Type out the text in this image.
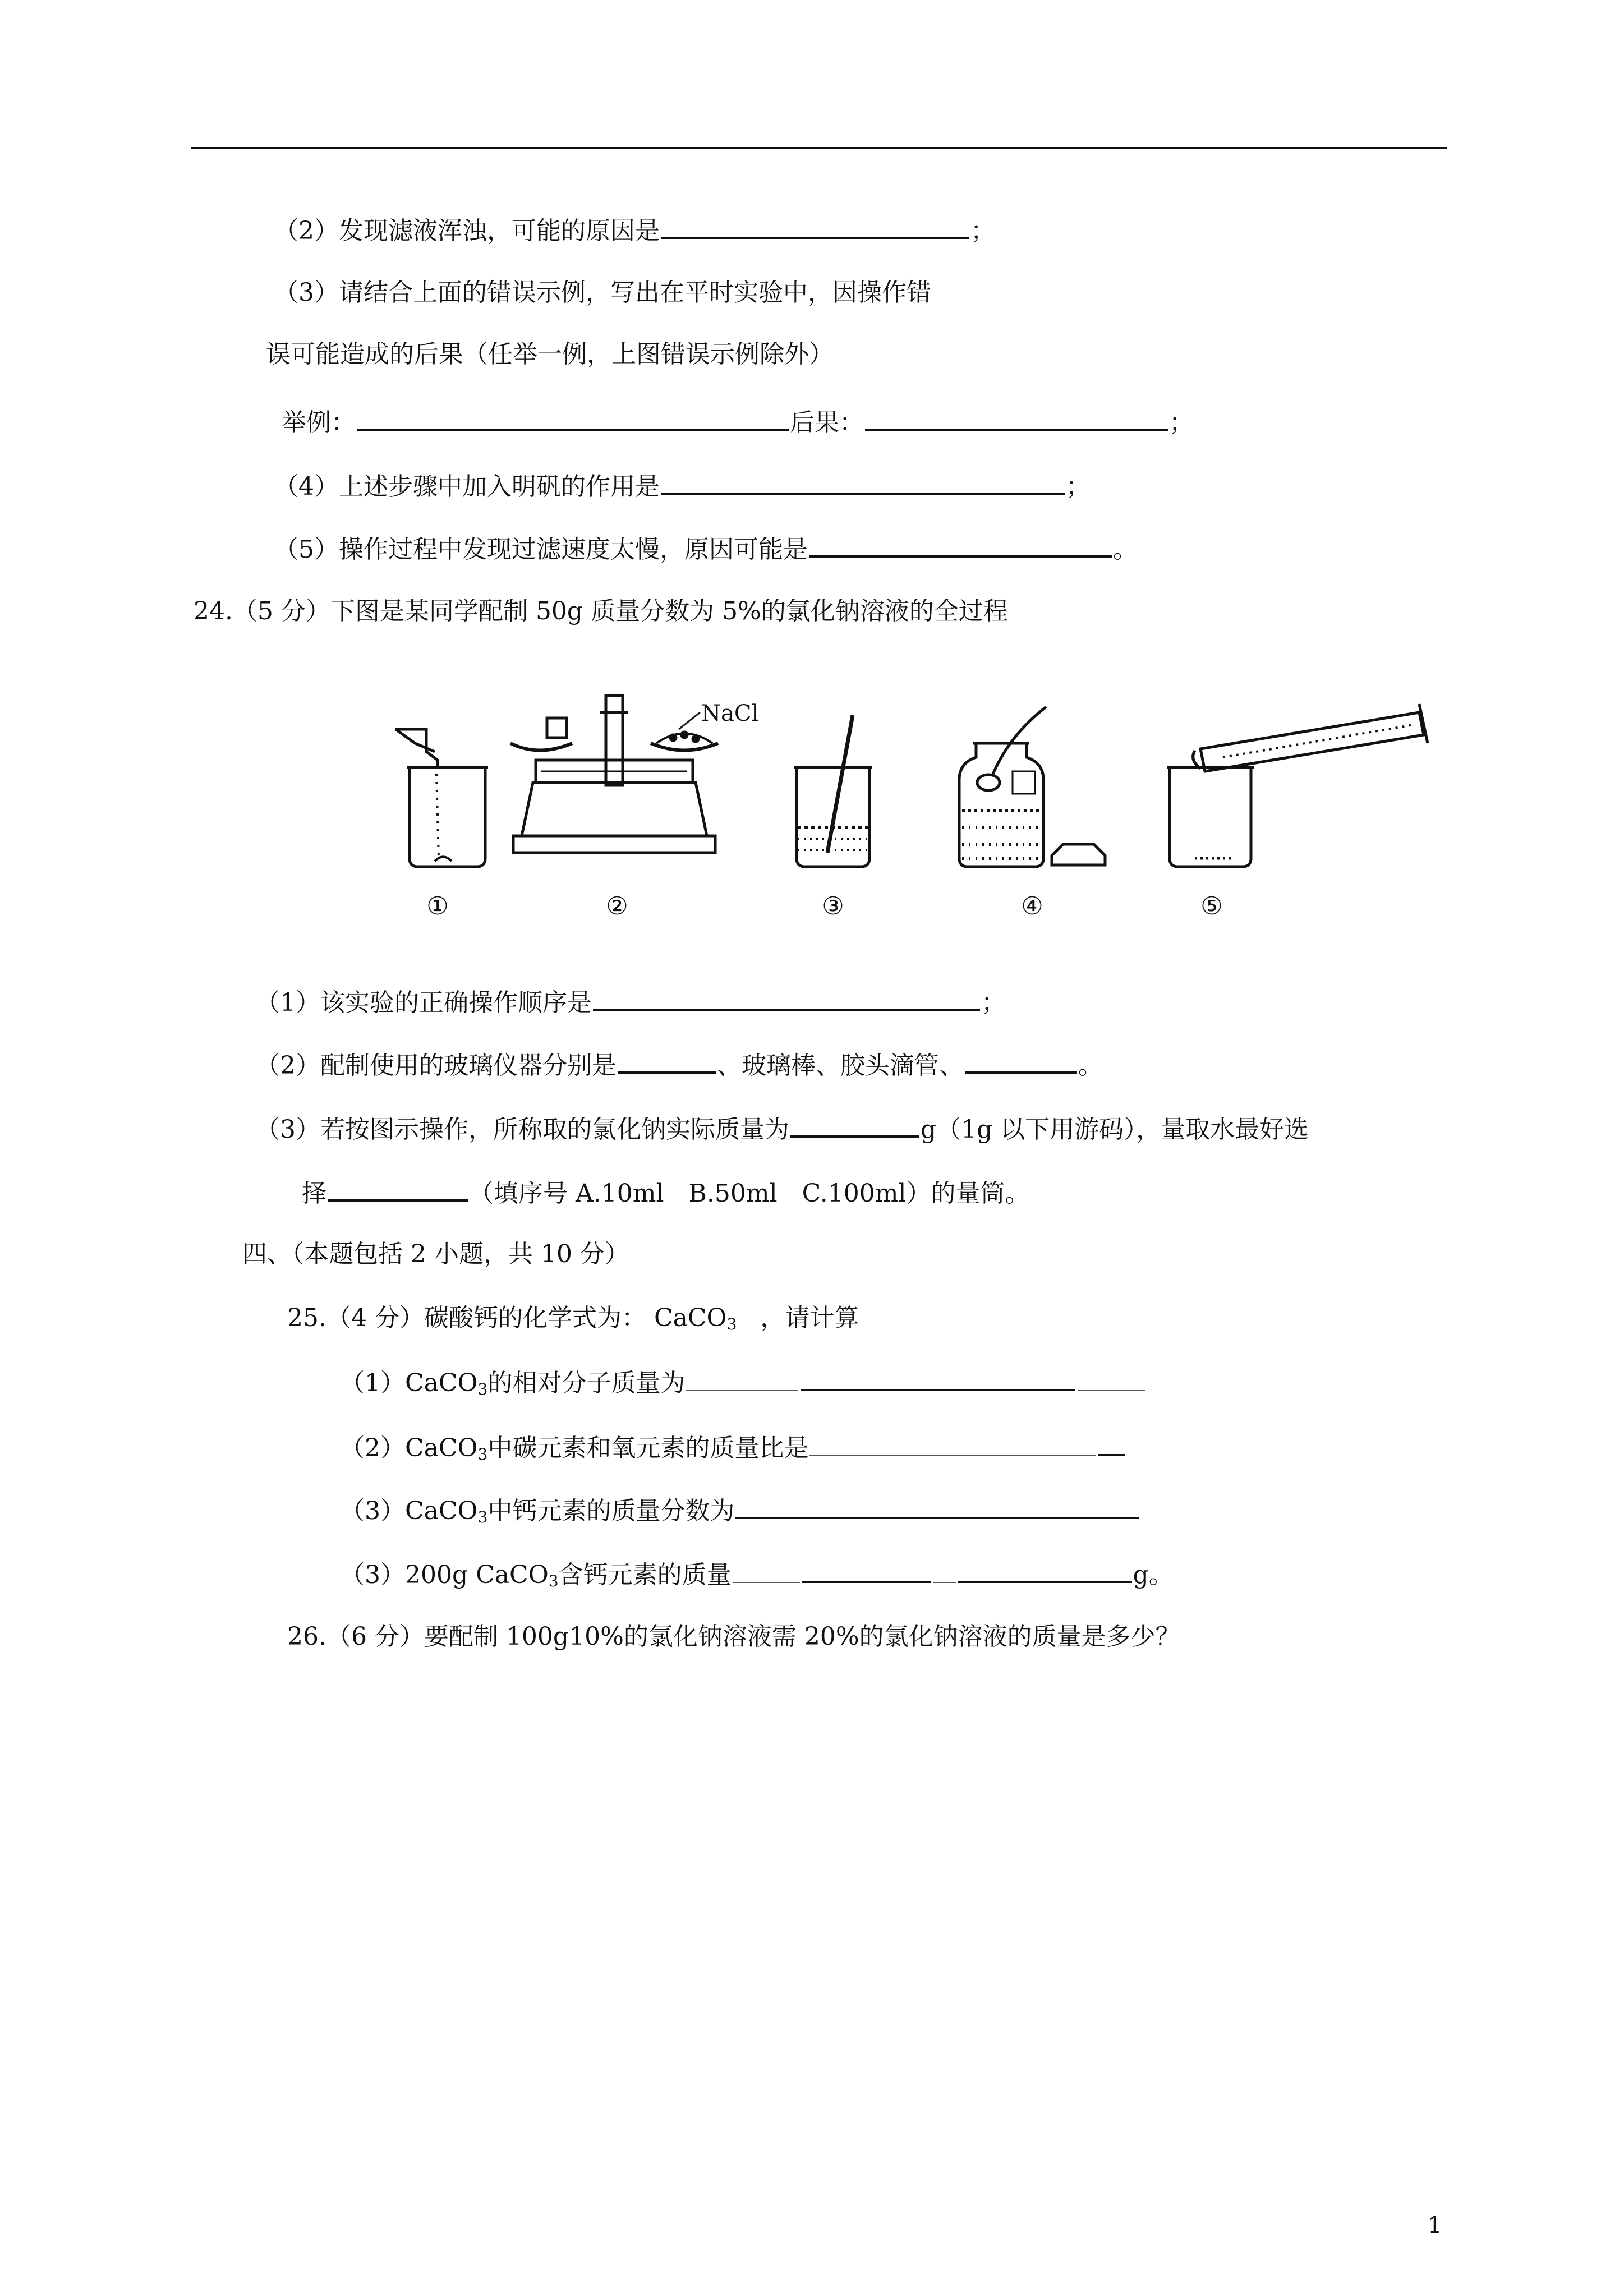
（2）发现滤液浑浊，可能的原因是	；
（3）请结合上面的错误示例，写出在平时实验中，因操作错
误可能造成的后果（任举一例，上图错误示例除外）
举例：	后果：	；
（4）上述步骤中加入明矾的作用是	；
（5）操作过程中发现过滤速度太慢，原因可能是	。
24.（5 分）下图是某同学配制 50g 质量分数为 5%的氯化钠溶液的全过程
NaCl
①	②	③	④	⑤
（1）该实验的正确操作顺序是	；
（2）配制使用的玻璃仪器分别是	、玻璃棒、胶头滴管、	。
（3）若按图示操作，所称取的氯化钠实际质量为	g（1g 以下用游码），量取水最好选
择	（填序号 A.10ml　B.50ml　C.100ml）的量筒。
四、（本题包括 2 小题，共 10 分）
25.（4 分）碳酸钙的化学式为： CaCO$_3$ ，请计算
（1）CaCO$_3$的相对分子质量为
（2）CaCO$_3$中碳元素和氧元素的质量比是
（3）CaCO$_3$中钙元素的质量分数为
（3）200g CaCO$_3$含钙元素的质量	g。
26.（6 分）要配制 100g10%的氯化钠溶液需 20%的氯化钠溶液的质量是多少？
1
